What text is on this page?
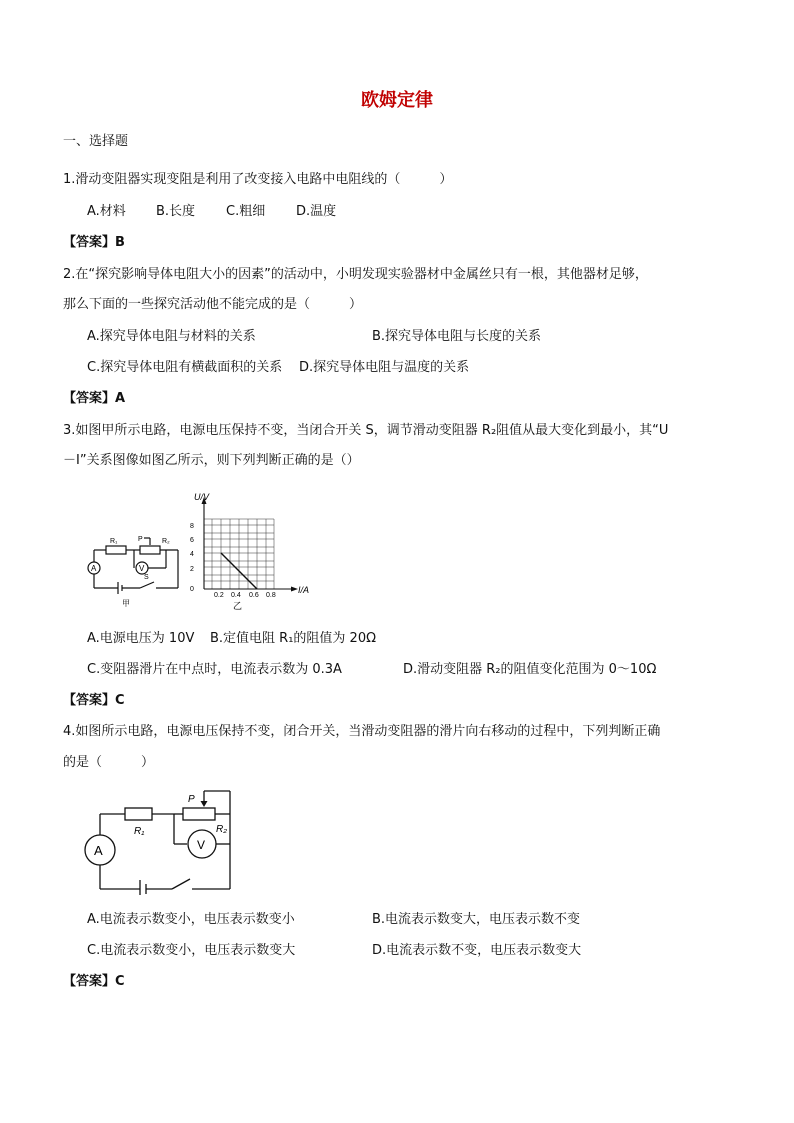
欧姆定律
一、选择题
1.滑动变阻器实现变阻是利用了改变接入电路中电阻线的（　　　）
A.材料 B.长度 C.粗细 D.温度
【答案】B
2.在“探究影响导体电阻大小的因素”的活动中，小明发现实验器材中金属丝只有一根，其他器材足够，
那么下面的一些探究活动他不能完成的是（　　　）
A.探究导体电阻与材料的关系	B.探究导体电阻与长度的关系
C.探究导体电阻有横截面积的关系 D.探究导体电阻与温度的关系
【答案】A
3.如图甲所示电路，电源电压保持不变，当闭合开关 S，调节滑动变阻器 R₂阻值从最大变化到最小，其“U
－I”关系图像如图乙所示，则下列判断正确的是（）
R₁	P	R₂
A	V
S
甲
U/V
I/A
8
6
4
2
0
0.2 0.4 0.6 0.8
乙
A.电源电压为 10V B.定值电阻 R₁的阻值为 20Ω
C.变阻器滑片在中点时，电流表示数为 0.3A	D.滑动变阻器 R₂的阻值变化范围为 0～10Ω
【答案】C
4.如图所示电路，电源电压保持不变，闭合开关，当滑动变阻器的滑片向右移动的过程中，下列判断正确
的是（　　　）
P
R₁	R₂
A	V
A.电流表示数变小，电压表示数变小	B.电流表示数变大，电压表示数不变
C.电流表示数变小，电压表示数变大	D.电流表示数不变，电压表示数变大
【答案】C
